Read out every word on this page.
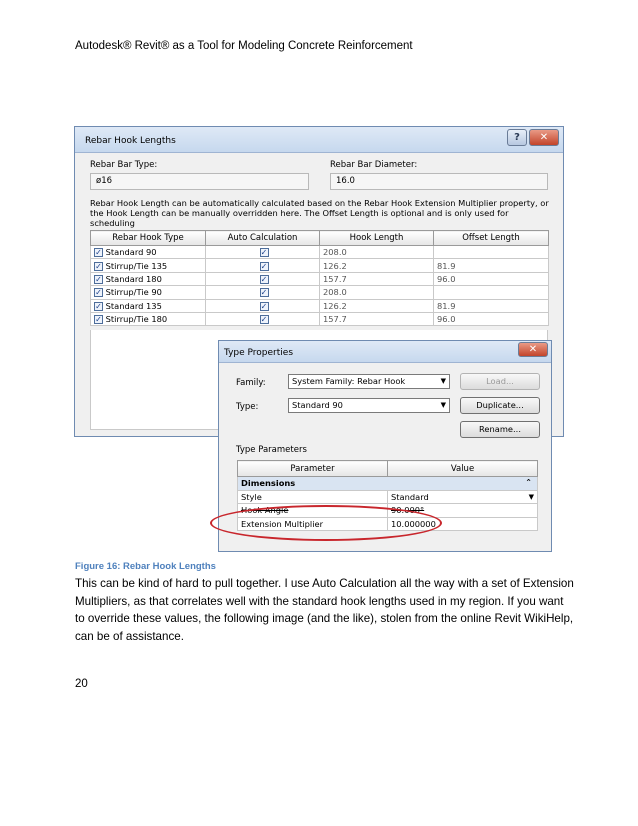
Autodesk® Revit® as a Tool for Modeling Concrete Reinforcement
Rebar Hook Lengths	?	✕
Rebar Bar Type:
ø16
Rebar Bar Diameter:
16.0
Rebar Hook Length can be automatically calculated based on the Rebar Hook Extension Multiplier property, or the Hook Length can be manually overridden here. The Offset Length is optional and is only used for scheduling
Rebar Hook Type	Auto Calculation	Hook Length	Offset Length
✓ Standard 90	✓	208.0	
✓ Stirrup/Tie 135	✓	126.2	81.9
✓ Standard 180	✓	157.7	96.0
✓ Stirrup/Tie 90	✓	208.0	
✓ Standard 135	✓	126.2	81.9
✓ Stirrup/Tie 180	✓	157.7	96.0
Type Properties	✕
Family:	System Family: Rebar Hook	▼	Load...
Type:	Standard 90	▼	Duplicate...
Rename...
Type Parameters
Parameter	Value
Dimensions ⌃	

Style	Standard ▼

Hook Angle	90.000°
Extension Multiplier	10.000000
Figure 16: Rebar Hook Lengths

This can be kind of hard to pull together. I use Auto Calculation all the way with a set of Extension Multipliers, as that correlates well with the standard hook lengths used in my region. If you want to override these values, the following image (and the like), stolen from the online Revit WikiHelp, can be of assistance.

20
